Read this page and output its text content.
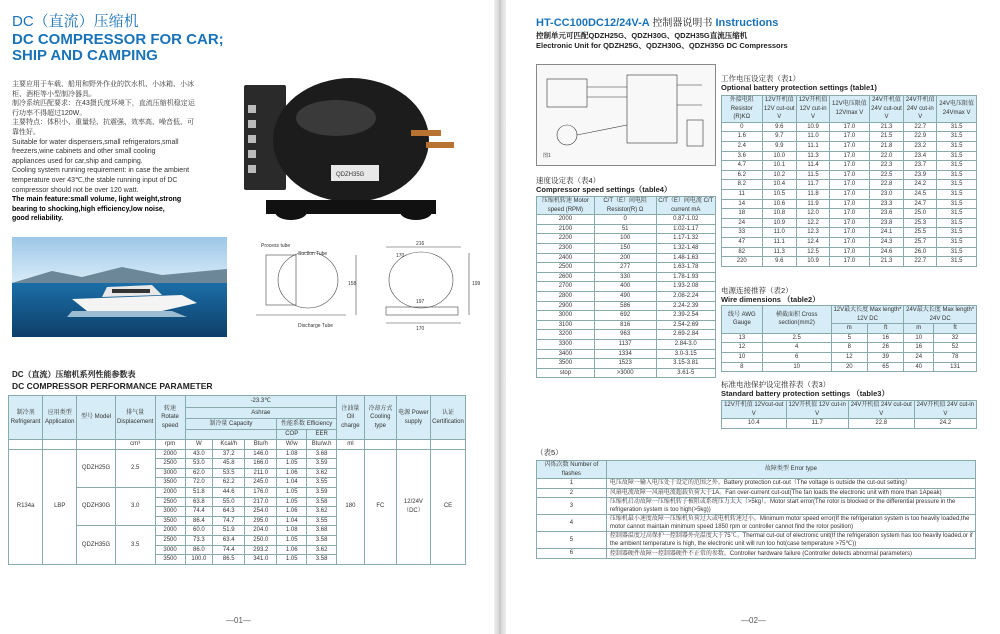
DC（直流）压缩机
DC COMPRESSOR FOR CAR;
SHIP AND CAMPING
主要应用于车载、船用和野外作业的饮水机、小冰箱、小冰
柜、酒柜等小型制冷器具。
制冷系统匹配要求：在43摄氏度环境下，直流压缩机稳定运
行功率不得超过120W。
主要特点：体积小、重量轻、抗震强、效率高、噪音低、可
靠性好。
Suitable for water dispensers,small refrigerators,small
freezers,wine cabinets and other small cooling
appliances used for car,ship and camping.
Cooling system running requirement: in case the ambient
temperature over 43℃,the stable running input of DC
compressor should not be over 120 watt.
The main feature:small volume, light weight,strong
bearing to shocking,high efficiency,low noise,
good reliability.
QDZH35G
Suction Tube
Process tube
Discharge Tube
216
170
199
158
197
170
DC（直流）压缩机系列性能参数表
DC COMPRESSOR PERFORMANCE PARAMETER
制冷剂 Refrigerant	应用类型 Application	型号 Model	排气量 Displacement	转速 Rotate speed	-23.3℃					注油量 Oil charge	冷却方式 Cooling type	电源 Power supply	认证 Certification
					Ashrae								
					制冷量 Capacity			性能系数 Efficiency					
								COP	EER				
			cm³	rpm	W	Kcal/h	Btu/h	W/w	Btu/w.h	ml			
R134a	LBP	QDZH25G	2.5	2000	43.0	37.2	146.0	1.08	3.68	180	FC	12/24V（DC）	CE
				2500	53.0	45.8	166.0	1.05	3.59				
				3000	62.0	53.5	211.0	1.06	3.62				
				3500	72.0	62.2	245.0	1.04	3.55				
		QDZH30G	3.0	2000	51.8	44.6	176.0	1.05	3.59				
				2500	63.8	55.0	217.0	1.05	3.58				
				3000	74.4	64.3	254.0	1.06	3.62				
				3500	86.4	74.7	295.0	1.04	3.55				
		QDZH35G	3.5	2000	60.0	51.9	204.0	1.08	3.68				
				2500	73.3	63.4	250.0	1.05	3.58				
				3000	86.0	74.4	293.2	1.06	3.62				
				3500	100.0	86.5	341.0	1.05	3.58				
—01—
HT-CC100DC12/24V-A 控制器说明书 Instructions
控制单元可匹配QDZH25G、QDZH30G、QDZH35G直流压缩机
Electronic Unit for QDZH25G、QDZH30G、QDZH35G DC Compressors
图1
工作电压设定表（表1）
Optional battery protection settings (table1)
外接电阻 Resistor (R)KΩ	12V开机值 12V cut-out V	12V开机值 12V cut-in V	12V电压限值 12Vmax V	24V开机值 24V cut-out V	24V开机值 24V cut-in V	24V电压限值 24Vmax V
0	9.6	10.9	17.0	21.3	22.7	31.5
1.6	9.7	11.0	17.0	21.5	22.9	31.5
2.4	9.9	11.1	17.0	21.8	23.2	31.5
3.6	10.0	11.3	17.0	22.0	23.4	31.5
4.7	10.1	11.4	17.0	22.3	23.7	31.5
6.2	10.2	11.5	17.0	22.5	23.9	31.5
8.2	10.4	11.7	17.0	22.8	24.2	31.5
11	10.5	11.8	17.0	23.0	24.5	31.5
14	10.6	11.9	17.0	23.3	24.7	31.5
18	10.8	12.0	17.0	23.6	25.0	31.5
24	10.9	12.2	17.0	23.8	25.3	31.5
33	11.0	12.3	17.0	24.1	25.5	31.5
47	11.1	12.4	17.0	24.3	25.7	31.5
82	11.3	12.5	17.0	24.6	26.0	31.5
220	9.6	10.9	17.0	21.3	22.7	31.5
速度设定表（表4）
Compressor speed settings（table4）
压缩机转速 Motor speed (RPM)	C/T（E）间电阻 Resistor(R) Ω	C/T（E）间电流 C/T current mA
2000	0	0.87-1.02
2100	51	1.02-1.17
2200	100	1.17-1.32
2300	150	1.32-1.48
2400	200	1.48-1.63
2500	277	1.63-1.78
2600	330	1.78-1.93
2700	400	1.93-2.08
2800	490	2.08-2.24
2900	586	2.24-2.39
3000	692	2.39-2.54
3100	816	2.54-2.69
3200	963	2.69-2.84
3300	1137	2.84-3.0
3400	1334	3.0-3.15
3500	1523	3.15-3.81
stop	>3000	3.61-5
电源连接推荐（表2）
Wire dimensions （table2）
线号 AWG Gauge	横截面积 Cross section(mm2)	12V最大长度 Max length* 12V DC		24V最大长度 Max length* 24V DC	
		m	ft	m	ft
13	2.5	5	16	10	32
12	4	8	26	16	52
10	6	12	39	24	78
8	10	20	65	40	131
标准电池保护设定推荐表（表3）
Standard battery protection settings （table3）
12V开机值 12Vcut-out V	12V开机值 12V cut-in V	24V开机值 24V cut-out V	24V开机值 24V cut-in V
10.4	11.7	22.8	24.2
（表5）
闪烁次数 Number of flashes	故障类型 Error type
1	电压故障一输入电压处于设定的范围之外。Battery protection cut-out（The voltage is outside the cut-out setting）
2	风扇电流故障一风扇电流超载负荷大于1A。Fan over-current cut-out(The fan loads the electronic unit with more than 1Apeak)
3	压缩机启动故障一压缩机转子被阻或系统压力太大（>5kg）。Motor start error(The rotor is blocked or the differential pressure in the refrigeration system is too high(>5kg))
4	压缩机最小速度故障一压缩机负荷过大或电机转速过小。Minimum motor speed error(If the refrigeration system is too heavily loaded,the motor cannot maintain minimum speed 1850 rpm or controller cannot find the rotor position)
5	控制器温度过高保护一控制器外壳温度大于75℃。Thermal cut-out of electronic unit(If the refrigeration system has too heavily loaded,or if the ambient temperature is high, the electronic unit will run too hot(case temperature >75℃))
6	控制器硬件故障一控制器硬件不正常的参数。Controller hardware failure (Controller detects abnormal parameters)
—02—
